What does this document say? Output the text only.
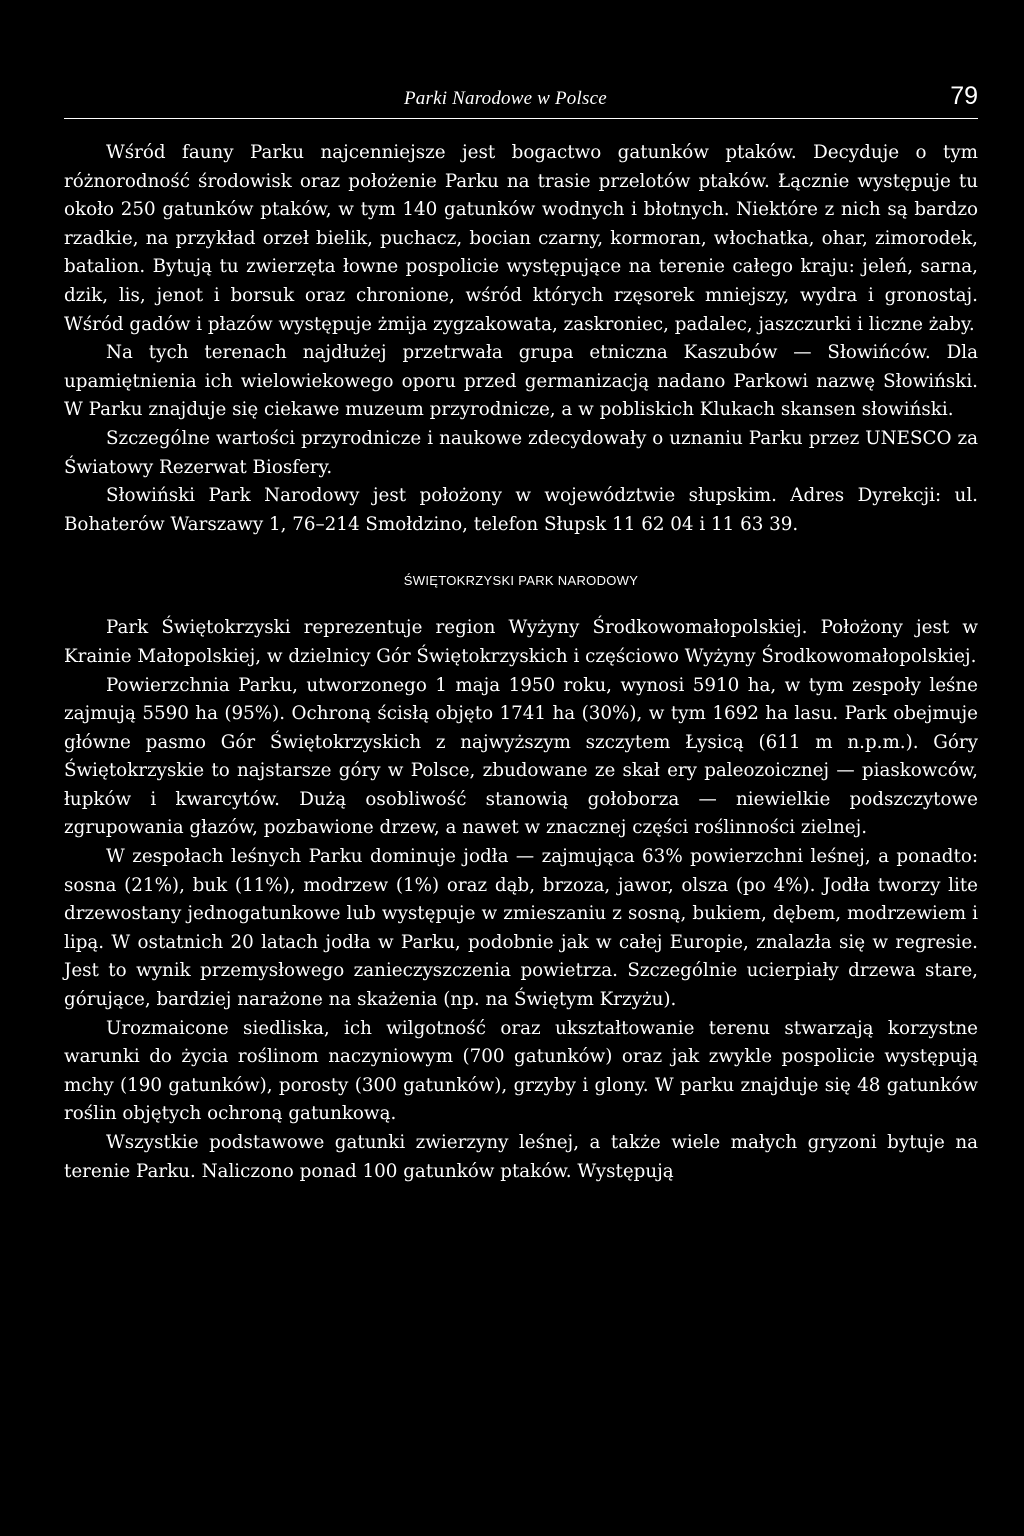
Parki Narodowe w Polsce	79

Wśród fauny Parku najcenniejsze jest bogactwo gatunków ptaków. Decyduje o tym różnorodność środowisk oraz położenie Parku na trasie przelotów ptaków. Łącznie występuje tu około 250 gatunków ptaków, w tym 140 gatunków wodnych i błotnych. Niektóre z nich są bardzo rzadkie, na przykład orzeł bielik, puchacz, bocian czarny, kormoran, włochatka, ohar, zimorodek, batalion. Bytują tu zwierzęta łowne pospolicie występujące na terenie całego kraju: jeleń, sarna, dzik, lis, jenot i borsuk oraz chronione, wśród których rzęsorek mniejszy, wydra i gronostaj. Wśród gadów i płazów występuje żmija zygzakowata, zaskroniec, padalec, jaszczurki i liczne żaby.

Na tych terenach najdłużej przetrwała grupa etniczna Kaszubów — Słowińców. Dla upamiętnienia ich wielowiekowego oporu przed germanizacją nadano Parkowi nazwę Słowiński. W Parku znajduje się ciekawe muzeum przyrodnicze, a w pobliskich Klukach skansen słowiński.

Szczególne wartości przyrodnicze i naukowe zdecydowały o uznaniu Parku przez UNESCO za Światowy Rezerwat Biosfery.

Słowiński Park Narodowy jest położony w województwie słupskim. Adres Dyrekcji: ul. Bohaterów Warszawy 1, 76–214 Smołdzino, telefon Słupsk 11 62 04 i 11 63 39.

ŚWIĘTOKRZYSKI PARK NARODOWY

Park Świętokrzyski reprezentuje region Wyżyny Środkowomałopolskiej. Położony jest w Krainie Małopolskiej, w dzielnicy Gór Świętokrzyskich i częściowo Wyżyny Środkowomałopolskiej.

Powierzchnia Parku, utworzonego 1 maja 1950 roku, wynosi 5910 ha, w tym zespoły leśne zajmują 5590 ha (95%). Ochroną ścisłą objęto 1741 ha (30%), w tym 1692 ha lasu. Park obejmuje główne pasmo Gór Świętokrzyskich z najwyższym szczytem Łysicą (611 m n.p.m.). Góry Świętokrzyskie to najstarsze góry w Polsce, zbudowane ze skał ery paleozoicznej — piaskowców, łupków i kwarcytów. Dużą osobliwość stanowią gołoborza — niewielkie podszczytowe zgrupowania głazów, pozbawione drzew, a nawet w znacznej części roślinności zielnej.

W zespołach leśnych Parku dominuje jodła — zajmująca 63% powierzchni leśnej, a ponadto: sosna (21%), buk (11%), modrzew (1%) oraz dąb, brzoza, jawor, olsza (po 4%). Jodła tworzy lite drzewostany jednogatunkowe lub występuje w zmieszaniu z sosną, bukiem, dębem, modrzewiem i lipą. W ostatnich 20 latach jodła w Parku, podobnie jak w całej Europie, znalazła się w regresie. Jest to wynik przemysłowego zanieczyszczenia powietrza. Szczególnie ucierpiały drzewa stare, górujące, bardziej narażone na skażenia (np. na Świętym Krzyżu).

Urozmaicone siedliska, ich wilgotność oraz ukształtowanie terenu stwarzają korzystne warunki do życia roślinom naczyniowym (700 gatunków) oraz jak zwykle pospolicie występują mchy (190 gatunków), porosty (300 gatunków), grzyby i glony. W parku znajduje się 48 gatunków roślin objętych ochroną gatunkową.

Wszystkie podstawowe gatunki zwierzyny leśnej, a także wiele małych gryzoni bytuje na terenie Parku. Naliczono ponad 100 gatunków ptaków. Występują
